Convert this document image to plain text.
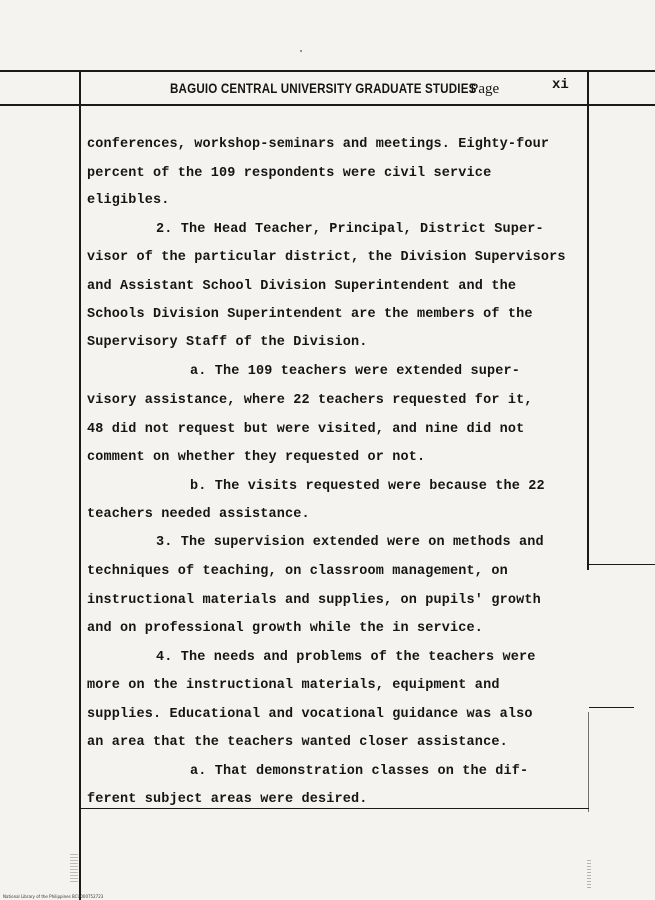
BAGUIO CENTRAL UNIVERSITY GRADUATE STUDIES
Page	xi
conferences, workshop-seminars and meetings. Eighty-four
percent of the 109 respondents were civil service
eligibles.
2. The Head Teacher, Principal, District Super-
visor of the particular district, the Division Supervisors
and Assistant School Division Superintendent and the
Schools Division Superintendent are the members of the
Supervisory Staff of the Division.
a. The 109 teachers were extended super-
visory assistance, where 22 teachers requested for it,
48 did not request but were visited, and nine did not
comment on whether they requested or not.
b. The visits requested were because the 22
teachers needed assistance.
3. The supervision extended were on methods and
techniques of teaching, on classroom management, on
instructional materials and supplies, on pupils' growth
and on professional growth while the in service.
4. The needs and problems of the teachers were
more on the instructional materials, equipment and
supplies. Educational and vocational guidance was also
an area that the teachers wanted closer assistance.
a. That demonstration classes on the dif-
ferent subject areas were desired.
National Library of the Philippines BCU000752723
